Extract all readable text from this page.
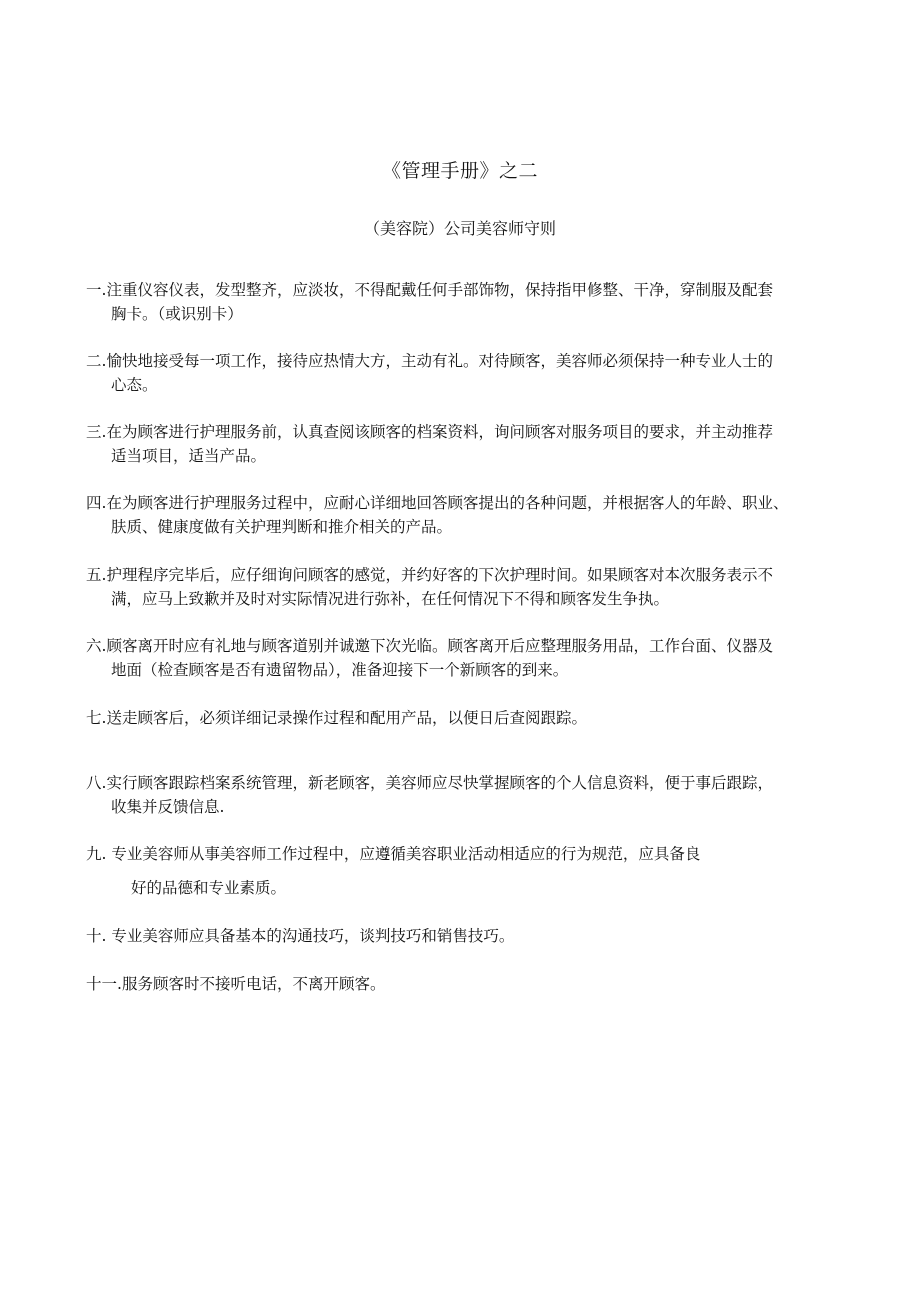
《管理手册》之二
（美容院）公司美容师守则
一.注重仪容仪表，发型整齐，应淡妆，不得配戴任何手部饰物，保持指甲修整、干净，穿制服及配套
胸卡。（或识别卡）
二.愉快地接受每一项工作，接待应热情大方，主动有礼。对待顾客，美容师必须保持一种专业人士的
心态。
三.在为顾客进行护理服务前，认真查阅该顾客的档案资料，询问顾客对服务项目的要求，并主动推荐
适当项目，适当产品。
四.在为顾客进行护理服务过程中，应耐心详细地回答顾客提出的各种问题，并根据客人的年龄、职业、
肤质、健康度做有关护理判断和推介相关的产品。
五.护理程序完毕后，应仔细询问顾客的感觉，并约好客的下次护理时间。如果顾客对本次服务表示不
满，应马上致歉并及时对实际情况进行弥补，在任何情况下不得和顾客发生争执。
六.顾客离开时应有礼地与顾客道别并诚邀下次光临。顾客离开后应整理服务用品，工作台面、仪器及
地面（检查顾客是否有遗留物品），准备迎接下一个新顾客的到来。
七.送走顾客后，必须详细记录操作过程和配用产品，以便日后查阅跟踪。
八.实行顾客跟踪档案系统管理，新老顾客，美容师应尽快掌握顾客的个人信息资料，便于事后跟踪，
收集并反馈信息.
九. 专业美容师从事美容师工作过程中，应遵循美容职业活动相适应的行为规范，应具备良
好的品德和专业素质。
十. 专业美容师应具备基本的沟通技巧，谈判技巧和销售技巧。
十一.服务顾客时不接听电话，不离开顾客。
